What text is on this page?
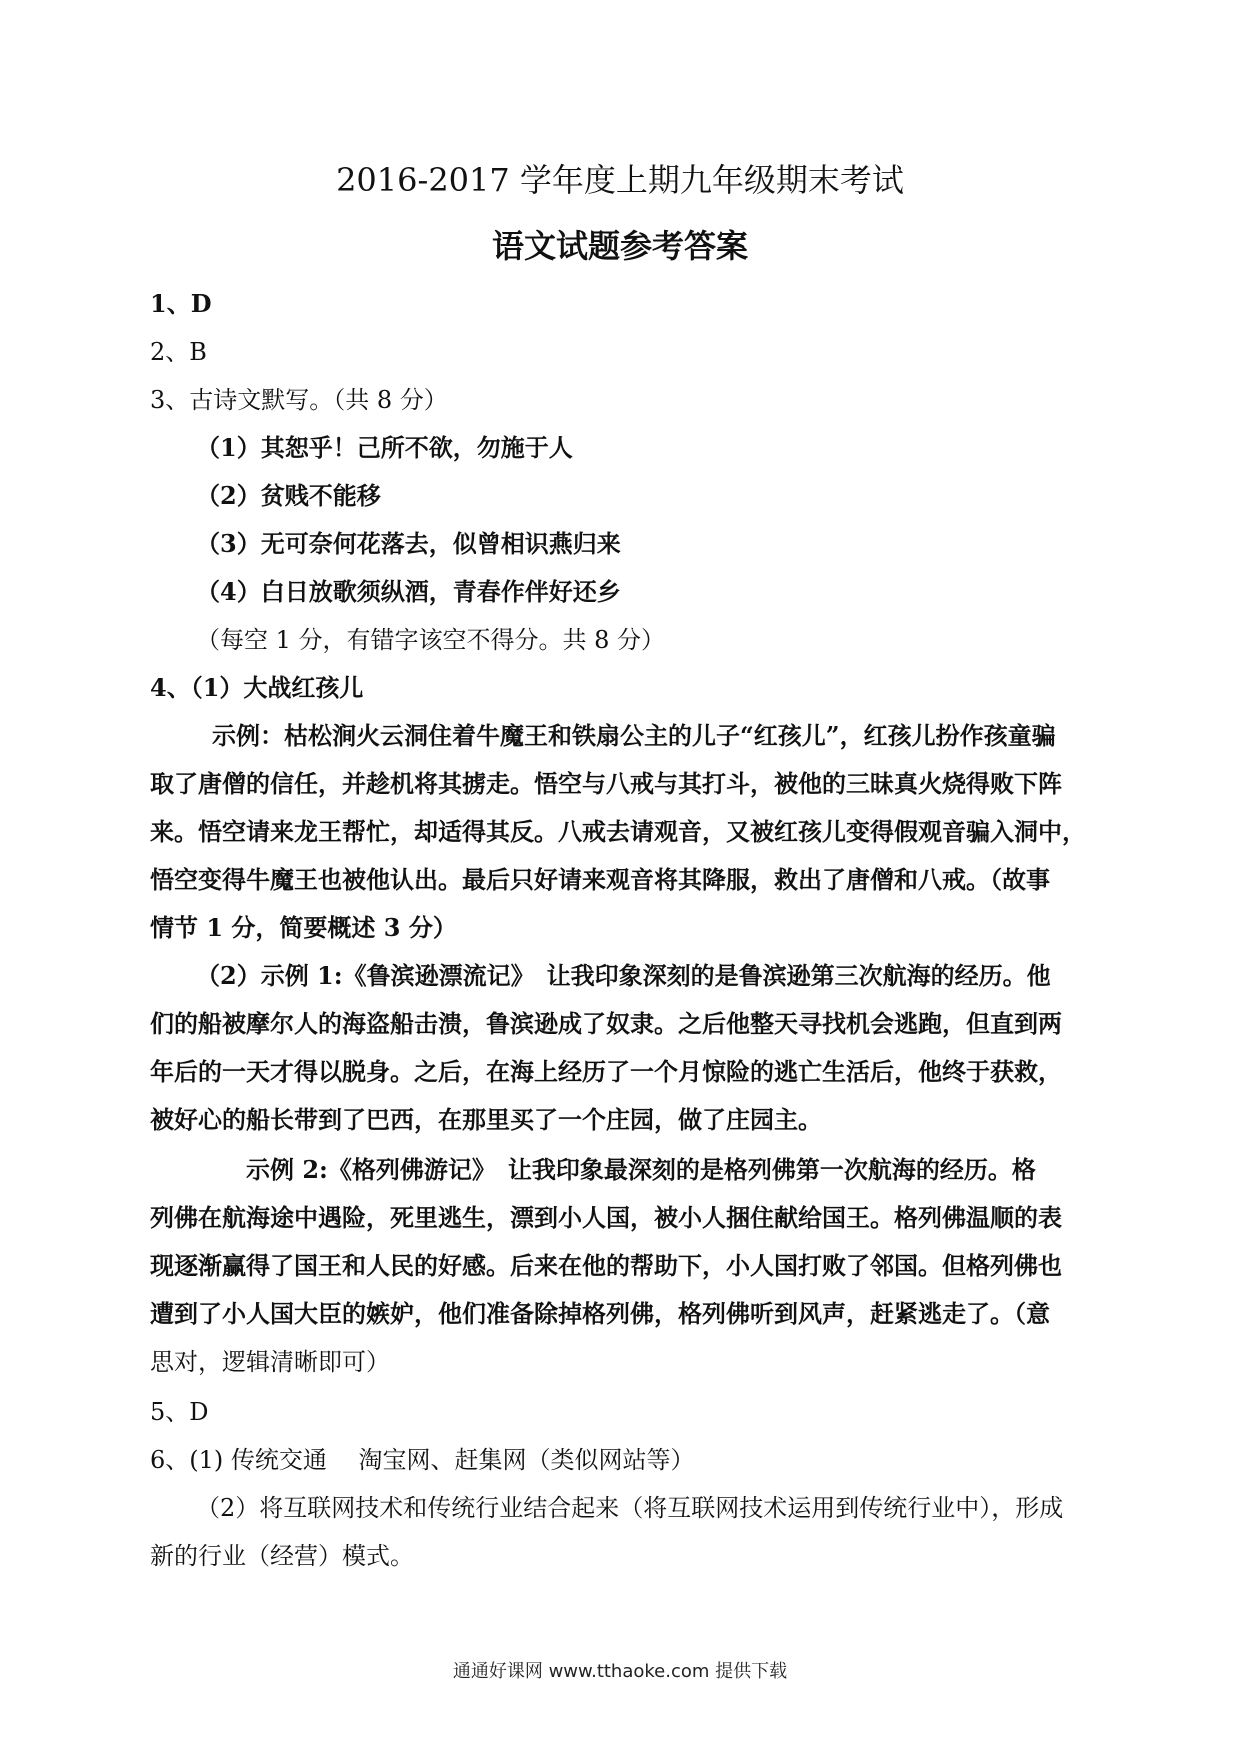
2016-2017 学年度上期九年级期末考试
语文试题参考答案
1、D
2、B
3、古诗文默写。（共 8 分）
（1）其恕乎！己所不欲，勿施于人
（2）贫贱不能移
（3）无可奈何花落去，似曾相识燕归来
（4）白日放歌须纵酒，青春作伴好还乡
（每空 1 分，有错字该空不得分。共 8 分）
4、（1）大战红孩儿
示例：枯松涧火云洞住着牛魔王和铁扇公主的儿子“红孩儿”，红孩儿扮作孩童骗
取了唐僧的信任，并趁机将其掳走。悟空与八戒与其打斗，被他的三昧真火烧得败下阵
来。悟空请来龙王帮忙，却适得其反。八戒去请观音，又被红孩儿变得假观音骗入洞中，
悟空变得牛魔王也被他认出。最后只好请来观音将其降服，救出了唐僧和八戒。（故事
情节 1 分，简要概述 3 分）
（2）示例 1:《鲁滨逊漂流记》　让我印象深刻的是鲁滨逊第三次航海的经历。他
们的船被摩尔人的海盗船击溃，鲁滨逊成了奴隶。之后他整天寻找机会逃跑，但直到两
年后的一天才得以脱身。之后，在海上经历了一个月惊险的逃亡生活后，他终于获救，
被好心的船长带到了巴西，在那里买了一个庄园，做了庄园主。
示例 2:《格列佛游记》　让我印象最深刻的是格列佛第一次航海的经历。格
列佛在航海途中遇险，死里逃生，漂到小人国，被小人捆住献给国王。格列佛温顺的表
现逐渐赢得了国王和人民的好感。后来在他的帮助下，小人国打败了邻国。但格列佛也
遭到了小人国大臣的嫉妒，他们准备除掉格列佛，格列佛听到风声，赶紧逃走了。（意
思对，逻辑清晰即可）
5、D
6、(1) 传统交通　 淘宝网、赶集网（类似网站等）
（2）将互联网技术和传统行业结合起来（将互联网技术运用到传统行业中），形成
新的行业（经营）模式。
通通好课网 www.tthaoke.com 提供下载
